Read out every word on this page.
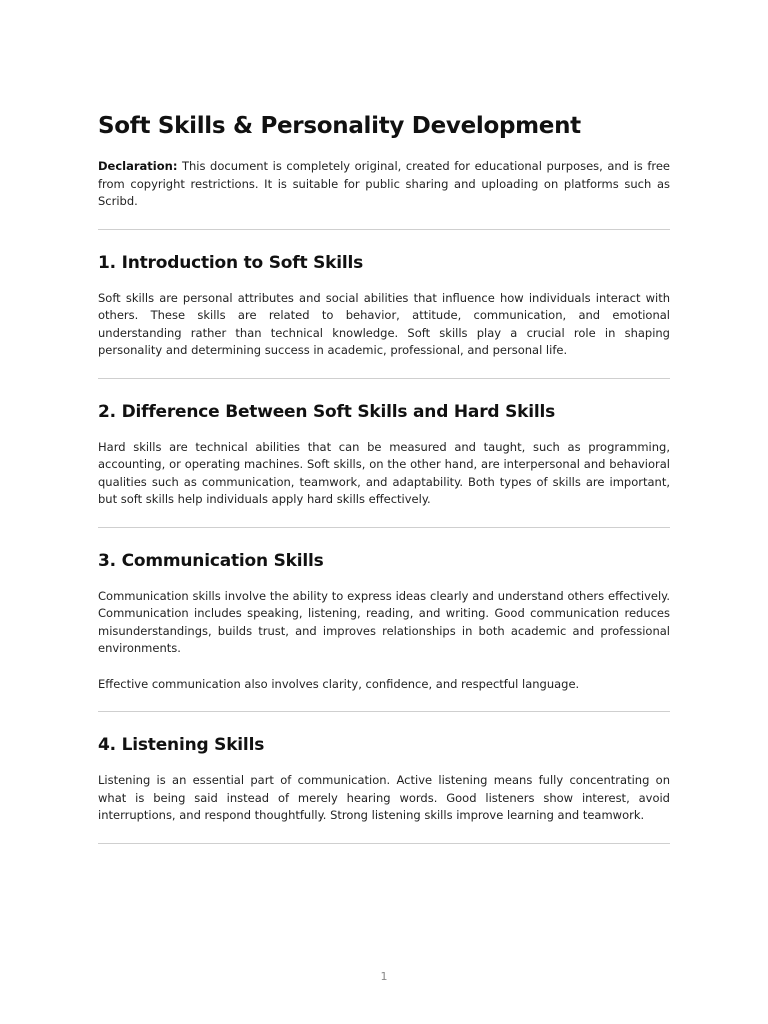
Soft Skills & Personality Development

Declaration: This document is completely original, created for educational purposes, and is free from copyright restrictions. It is suitable for public sharing and uploading on platforms such as Scribd.

1. Introduction to Soft Skills

Soft skills are personal attributes and social abilities that influence how individuals interact with others. These skills are related to behavior, attitude, communication, and emotional understanding rather than technical knowledge. Soft skills play a crucial role in shaping personality and determining success in academic, professional, and personal life.

2. Difference Between Soft Skills and Hard Skills

Hard skills are technical abilities that can be measured and taught, such as programming, accounting, or operating machines. Soft skills, on the other hand, are interpersonal and behavioral qualities such as communication, teamwork, and adaptability. Both types of skills are important, but soft skills help individuals apply hard skills effectively.

3. Communication Skills

Communication skills involve the ability to express ideas clearly and understand others effectively. Communication includes speaking, listening, reading, and writing. Good communication reduces misunderstandings, builds trust, and improves relationships in both academic and professional environments.

Effective communication also involves clarity, confidence, and respectful language.

4. Listening Skills

Listening is an essential part of communication. Active listening means fully concentrating on what is being said instead of merely hearing words. Good listeners show interest, avoid interruptions, and respond thoughtfully. Strong listening skills improve learning and teamwork.

1
